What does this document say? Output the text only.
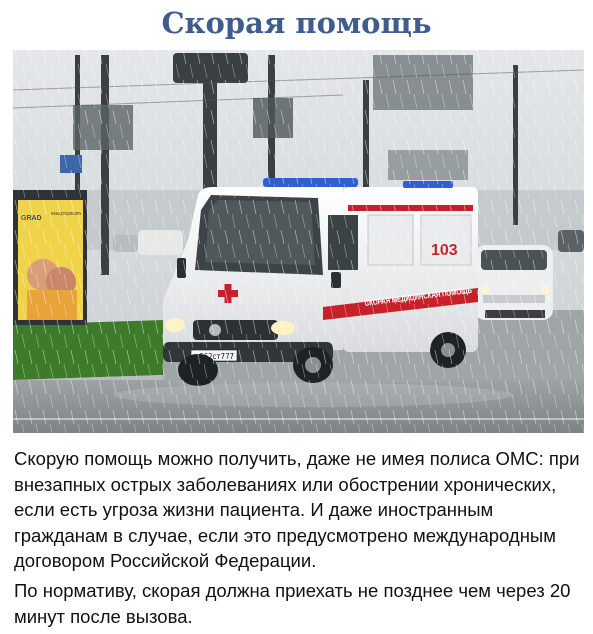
Скорая помощь

Скорую помощь можно получить, даже не имея полиса ОМС: при внезапных острых заболеваниях или обострении хронических, если есть угроза жизни пациента. И даже иностранным гражданам в случае, если это предусмотрено международным договором Российской Федерации.

По нормативу, скорая должна приехать не позднее чем через 20 минут после вызова.
